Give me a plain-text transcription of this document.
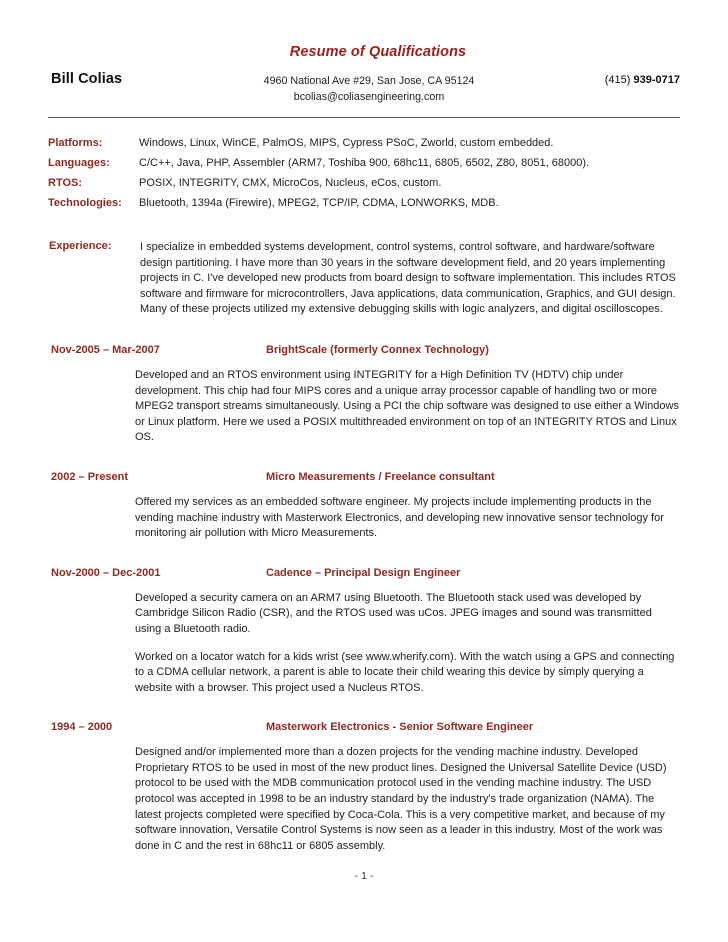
Resume of Qualifications
Bill Colias	4960 National Ave #29, San Jose, CA 95124
bcolias@coliasengineering.com
(415) 939-0717
Platforms:	Windows, Linux, WinCE, PalmOS, MIPS, Cypress PSoC, Zworld, custom embedded.
Languages:	C/C++, Java, PHP, Assembler (ARM7, Toshiba 900, 68hc11, 6805, 6502, Z80, 8051, 68000).
RTOS:	POSIX, INTEGRITY, CMX, MicroCos, Nucleus, eCos, custom.
Technologies:	Bluetooth, 1394a (Firewire), MPEG2, TCP/IP, CDMA, LONWORKS, MDB.
Experience:	I specialize in embedded systems development, control systems, control software, and hardware/software design partitioning. I have more than 30 years in the software development field, and 20 years implementing projects in C. I've developed new products from board design to software implementation. This includes RTOS software and firmware for microcontrollers, Java applications, data communication, Graphics, and GUI design. Many of these projects utilized my extensive debugging skills with logic analyzers, and digital oscilloscopes.
Nov-2005 – Mar-2007	BrightScale (formerly Connex Technology)

Developed and an RTOS environment using INTEGRITY for a High Definition TV (HDTV) chip under development. This chip had four MIPS cores and a unique array processor capable of handling two or more MPEG2 transport streams simultaneously. Using a PCI the chip software was designed to use either a Windows or Linux platform. Here we used a POSIX multithreaded environment on top of an INTEGRITY RTOS and Linux OS.

2002 – Present	Micro Measurements / Freelance consultant

Offered my services as an embedded software engineer. My projects include implementing products in the vending machine industry with Masterwork Electronics, and developing new innovative sensor technology for monitoring air pollution with Micro Measurements.

Nov-2000 – Dec-2001	Cadence – Principal Design Engineer

Developed a security camera on an ARM7 using Bluetooth. The Bluetooth stack used was developed by Cambridge Silicon Radio (CSR), and the RTOS used was uCos. JPEG images and sound was transmitted using a Bluetooth radio.

Worked on a locator watch for a kids wrist (see www.wherify.com). With the watch using a GPS and connecting to a CDMA cellular network, a parent is able to locate their child wearing this device by simply querying a website with a browser. This project used a Nucleus RTOS.

1994 – 2000	Masterwork Electronics - Senior Software Engineer

Designed and/or implemented more than a dozen projects for the vending machine industry. Developed Proprietary RTOS to be used in most of the new product lines. Designed the Universal Satellite Device (USD) protocol to be used with the MDB communication protocol used in the vending machine industry. The USD protocol was accepted in 1998 to be an industry standard by the industry's trade organization (NAMA). The latest projects completed were specified by Coca-Cola. This is a very competitive market, and because of my software innovation, Versatile Control Systems is now seen as a leader in this industry. Most of the work was done in C and the rest in 68hc11 or 6805 assembly.

- 1 -
